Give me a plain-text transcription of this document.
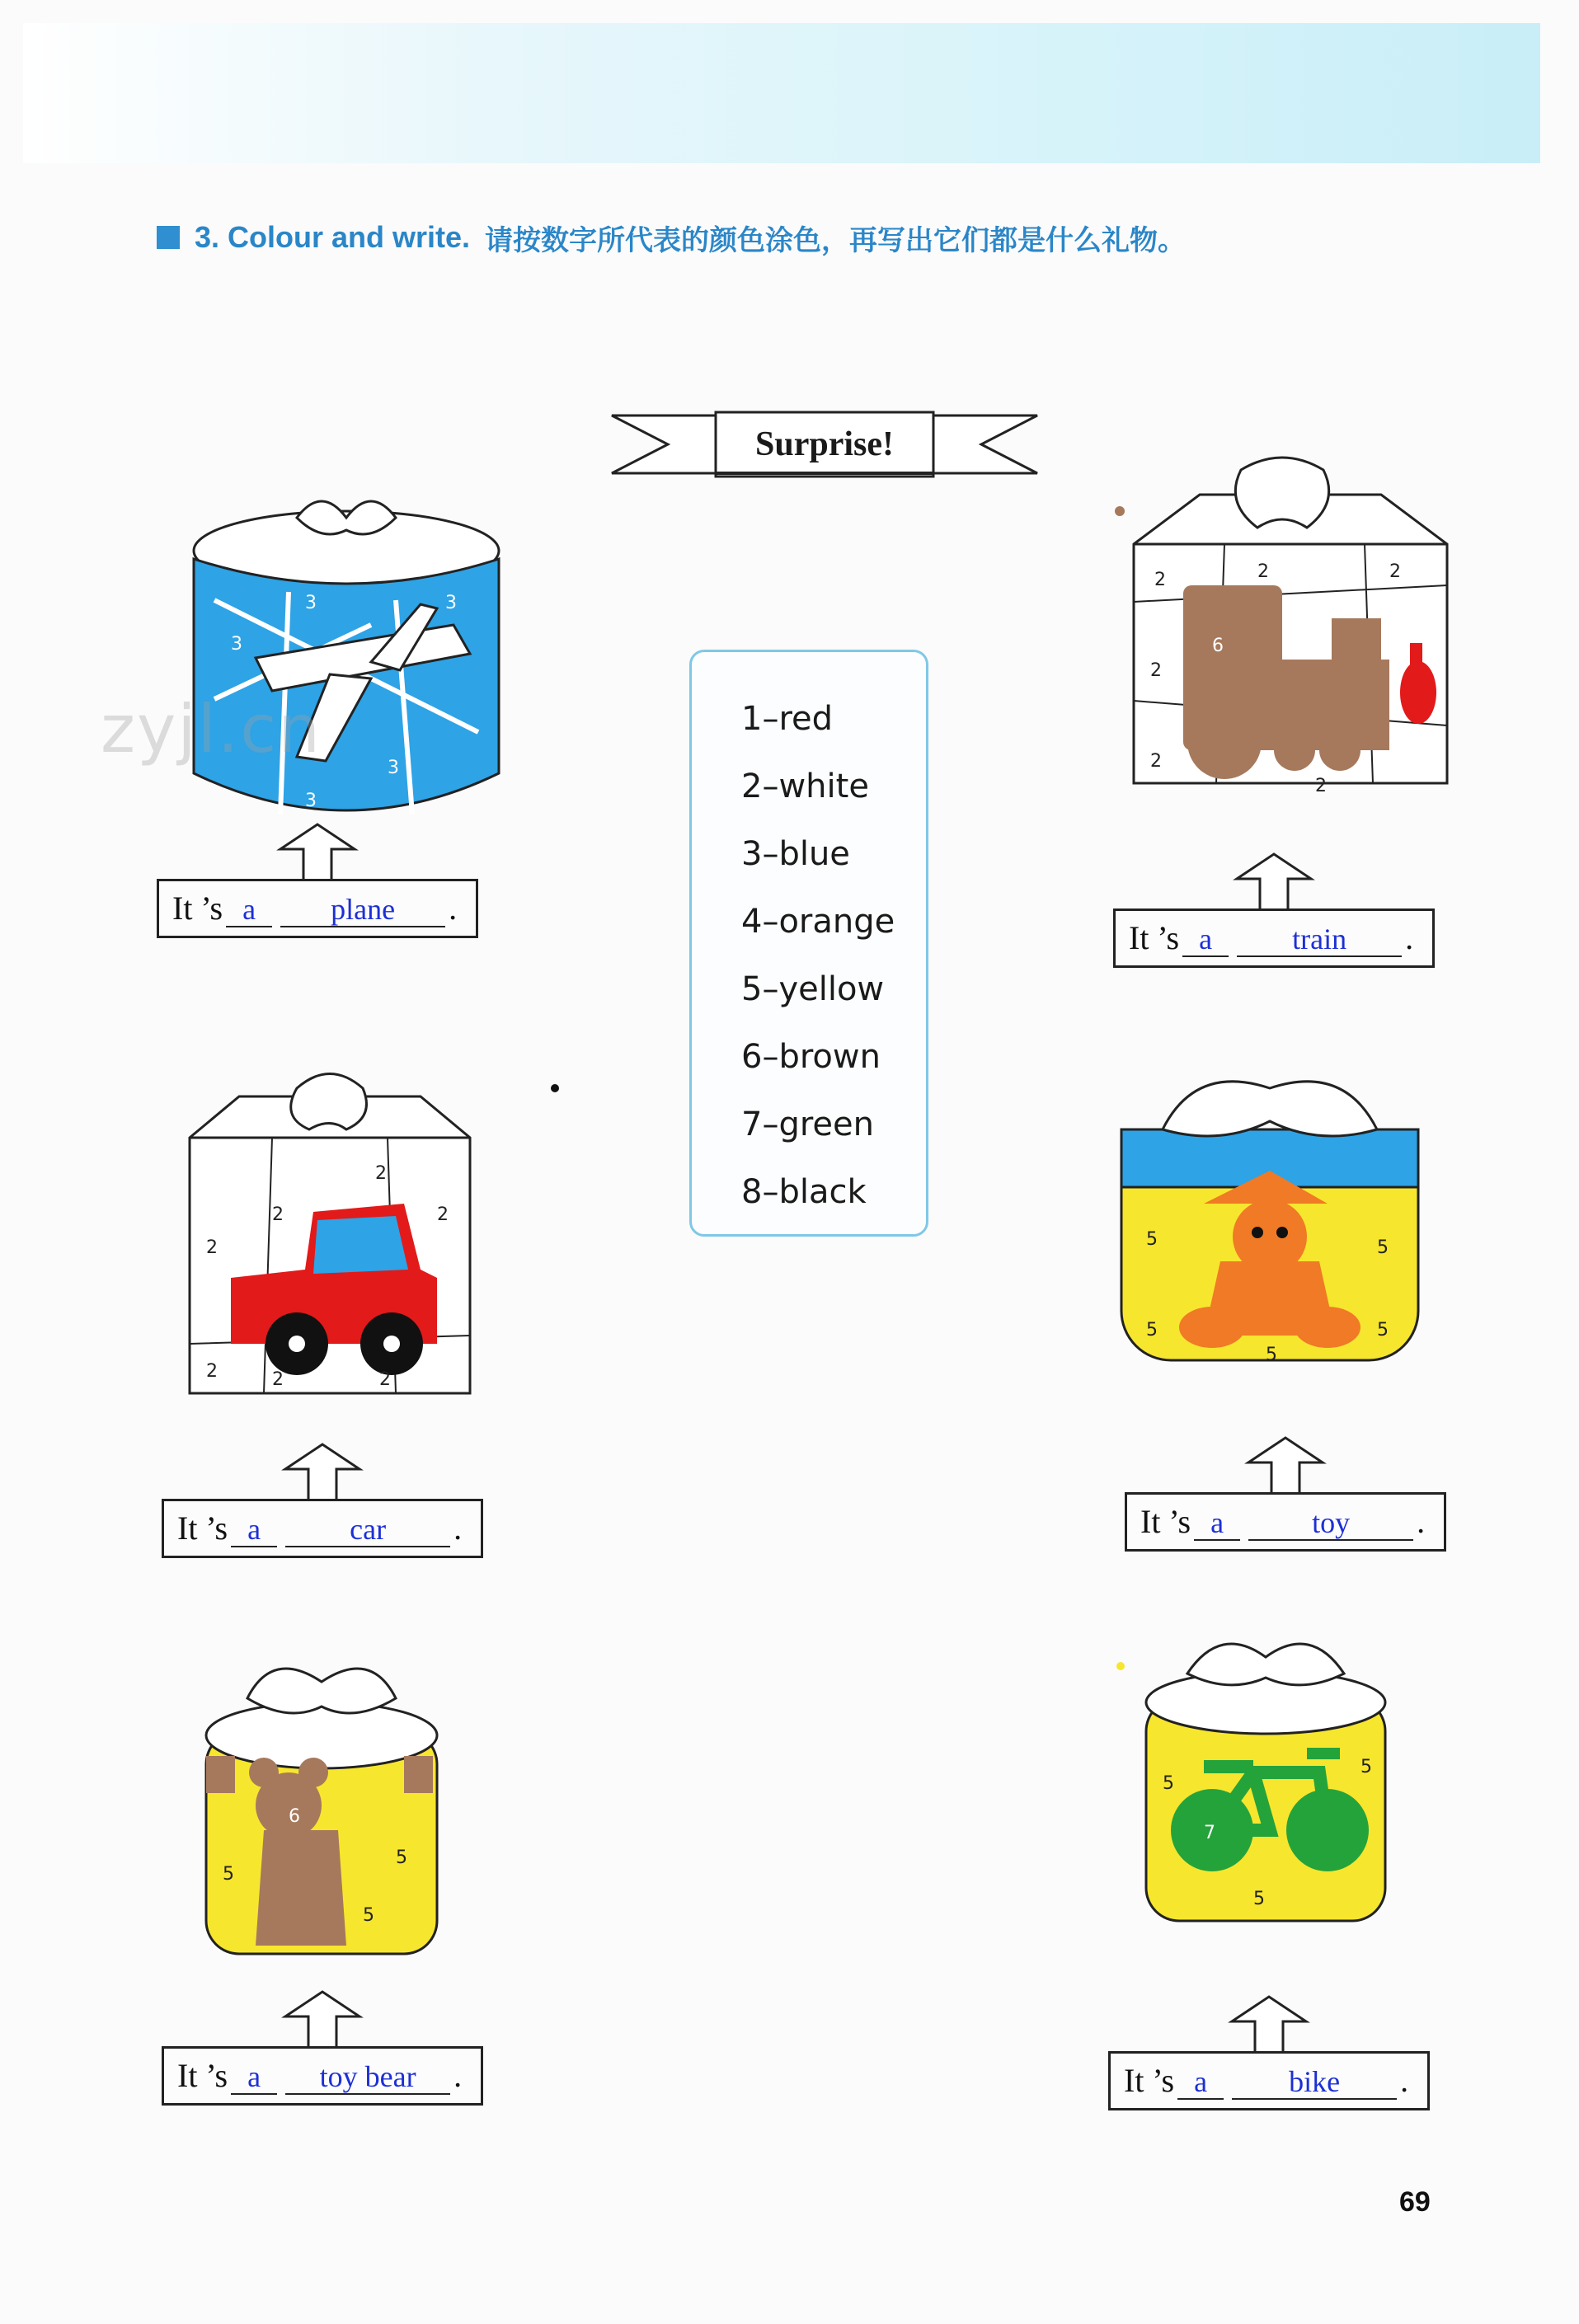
3. Colour and write. 请按数字所代表的颜色涂色，再写出它们都是什么礼物。
Surprise!
1–red
2–white
3–blue
4–orange
5–yellow
6–brown
7–green
8–black
3	3
3
3
3
It ’s a	plane	.
2	2	2
2
2
2
6
It ’s a	train	.
2
2
2
2
2	2	2
It ’s a	car	.
5	5
5	5
5
It ’s a	toy	.
5
5
5
6
It ’s a	toy bear	.
5
5
5
7
It ’s a	bike	.
zyjl.cn
69
